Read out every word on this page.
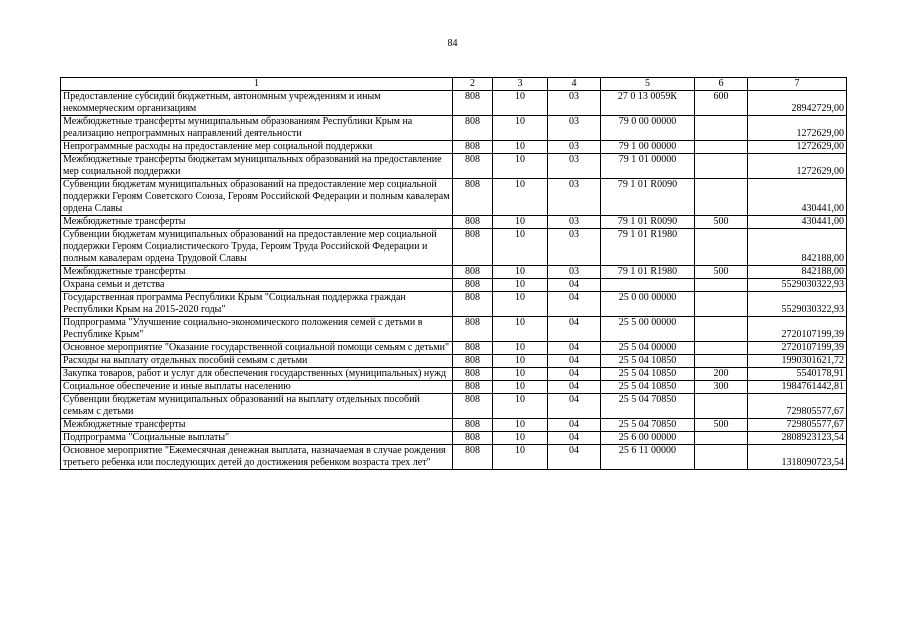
84
1	2	3	4	5	6	7
Предоставление субсидий бюджетным, автономным учреждениям и иным некоммерческим организациям	808	10	03	27 0 13 0059К	600	28942729,00
Межбюджетные трансферты муниципальным образованиям Республики Крым на реализацию непрограммных направлений деятельности	808	10	03	79 0 00 00000		1272629,00
Непрограммные расходы на предоставление мер социальной поддержки	808	10	03	79 1 00 00000		1272629,00
Межбюджетные трансферты бюджетам муниципальных образований на предоставление мер социальной поддержки	808	10	03	79 1 01 00000		1272629,00
Субвенции бюджетам муниципальных образований на предоставление мер социальной поддержки Героям Советского Союза, Героям Российской Федерации и полным кавалерам ордена Славы	808	10	03	79 1 01 R0090		430441,00
Межбюджетные трансферты	808	10	03	79 1 01 R0090	500	430441,00
Субвенции бюджетам муниципальных образований на предоставление мер социальной поддержки Героям Социалистического Труда, Героям Труда Российской Федерации и полным кавалерам ордена Трудовой Славы	808	10	03	79 1 01 R1980		842188,00
Межбюджетные трансферты	808	10	03	79 1 01 R1980	500	842188,00
Охрана семьи и детства	808	10	04			5529030322,93
Государственная программа Республики Крым "Социальная поддержка граждан Республики Крым на 2015-2020 годы"	808	10	04	25 0 00 00000		5529030322,93
Подпрограмма "Улучшение социально-экономического положения семей с детьми в Республике Крым"	808	10	04	25 5 00 00000		2720107199,39
Основное мероприятие "Оказание государственной социальной помощи семьям с детьми"	808	10	04	25 5 04 00000		2720107199,39
Расходы на выплату отдельных пособий семьям с детьми	808	10	04	25 5 04 10850		1990301621,72
Закупка товаров, работ и услуг для обеспечения государственных (муниципальных) нужд	808	10	04	25 5 04 10850	200	5540178,91
Социальное обеспечение и иные выплаты населению	808	10	04	25 5 04 10850	300	1984761442,81
Субвенции бюджетам муниципальных образований на выплату отдельных пособий семьям с детьми	808	10	04	25 5 04 70850		729805577,67
Межбюджетные трансферты	808	10	04	25 5 04 70850	500	729805577,67
Подпрограмма "Социальные выплаты"	808	10	04	25 6 00 00000		2808923123,54
Основное мероприятие "Ежемесячная денежная выплата, назначаемая в случае рождения третьего ребенка или последующих детей до достижения ребенком возраста трех лет"	808	10	04	25 6 11 00000		1318090723,54
